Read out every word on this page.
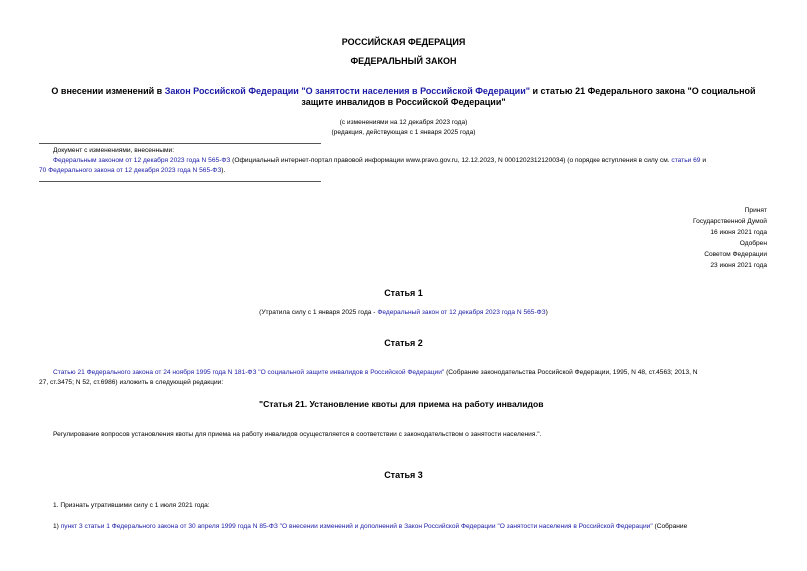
РОССИЙСКАЯ ФЕДЕРАЦИЯ
ФЕДЕРАЛЬНЫЙ ЗАКОН
О внесении изменений в Закон Российской Федерации "О занятости населения в Российской Федерации" и статью 21 Федерального закона "О социальной
защите инвалидов в Российской Федерации"
(с изменениями на 12 декабря 2023 года)
(редакция, действующая с 1 января 2025 года)
Документ с изменениями, внесенными:
Федеральным законом от 12 декабря 2023 года N 565-ФЗ (Официальный интернет-портал правовой информации www.pravo.gov.ru, 12.12.2023, N 0001202312120034) (о порядке вступления в силу см. статьи 69 и
70 Федерального закона от 12 декабря 2023 года N 565-ФЗ).
Принят
Государственной Думой
16 июня 2021 года
Одобрен
Советом Федерации
23 июня 2021 года
Статья 1
(Утратила силу с 1 января 2025 года - Федеральный закон от 12 декабря 2023 года N 565-ФЗ)
Статья 2
Статью 21 Федерального закона от 24 ноября 1995 года N 181-ФЗ "О социальной защите инвалидов в Российской Федерации" (Собрание законодательства Российской Федерации, 1995, N 48, ст.4563; 2013, N
27, ст.3475; N 52, ст.6986) изложить в следующей редакции:
"Статья 21. Установление квоты для приема на работу инвалидов
Регулирование вопросов установления квоты для приема на работу инвалидов осуществляется в соответствии с законодательством о занятости населения.".
Статья 3
1. Признать утратившими силу с 1 июля 2021 года:
1) пункт 3 статьи 1 Федерального закона от 30 апреля 1999 года N 85-ФЗ "О внесении изменений и дополнений в Закон Российской Федерации "О занятости населения в Российской Федерации" (Собрание
